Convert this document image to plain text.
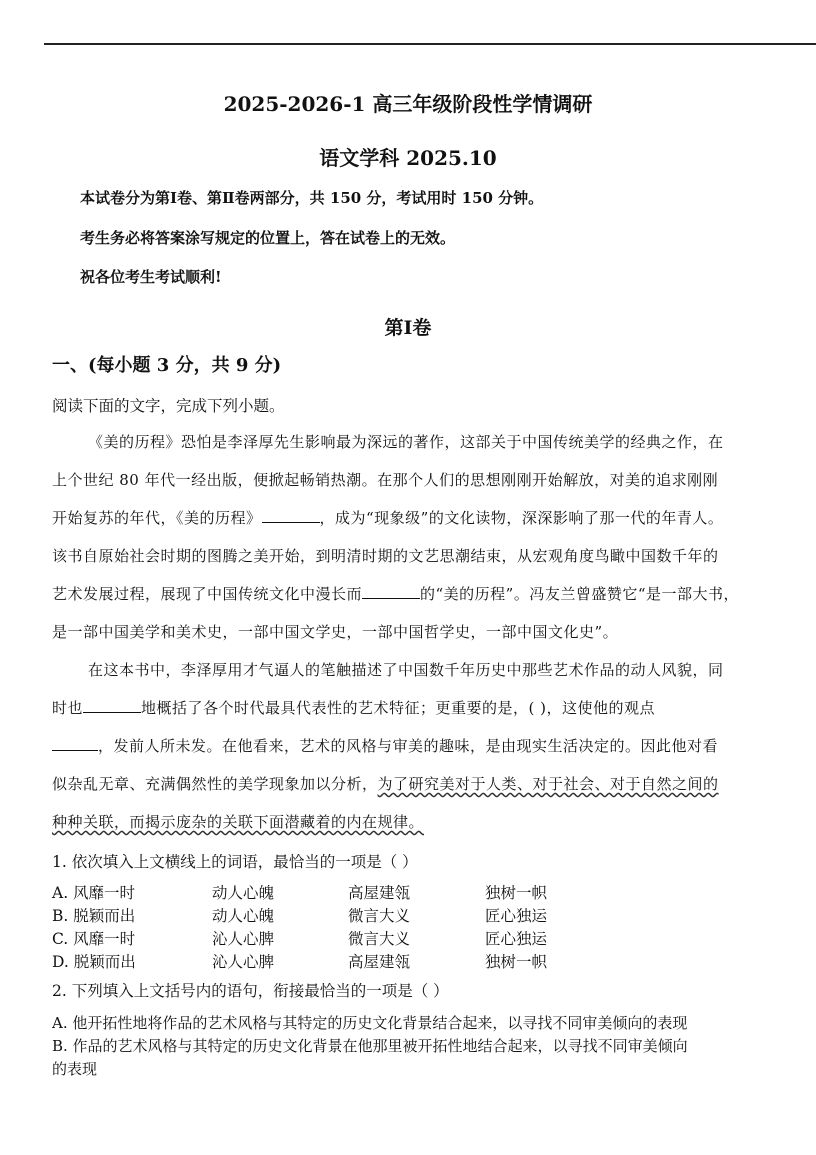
2025-2026-1 高三年级阶段性学情调研
语文学科 2025.10
本试卷分为第Ⅰ卷、第Ⅱ卷两部分，共 150 分，考试用时 150 分钟。
考生务必将答案涂写规定的位置上，答在试卷上的无效。
祝各位考生考试顺利!
第Ⅰ卷
一、(每小题 3 分，共 9 分)
阅读下面的文字，完成下列小题。
《美的历程》恐怕是李泽厚先生影响最为深远的著作，这部关于中国传统美学的经典之作，在
上个世纪 80 年代一经出版，便掀起畅销热潮。在那个人们的思想刚刚开始解放，对美的追求刚刚
开始复苏的年代，《美的历程》	，成为“现象级”的文化读物，深深影响了那一代的年青人。
该书自原始社会时期的图腾之美开始，到明清时期的文艺思潮结束，从宏观角度鸟瞰中国数千年的
艺术发展过程，展现了中国传统文化中漫长而	的“美的历程”。冯友兰曾盛赞它“是一部大书，
是一部中国美学和美术史，一部中国文学史，一部中国哲学史，一部中国文化史”。
在这本书中，李泽厚用才气逼人的笔触描述了中国数千年历史中那些艺术作品的动人风貌，同
时也	地概括了各个时代最具代表性的艺术特征；更重要的是，( )，这使他的观点
，发前人所未发。在他看来，艺术的风格与审美的趣味，是由现实生活决定的。因此他对看
似杂乱无章、充满偶然性的美学现象加以分析，为了研究美对于人类、对于社会、对于自然之间的
种种关联，而揭示庞杂的关联下面潜藏着的内在规律。
1. 依次填入上文横线上的词语，最恰当的一项是（ ）
A. 风靡一时	动人心魄	高屋建瓴	独树一帜
B. 脱颖而出	动人心魄	微言大义	匠心独运
C. 风靡一时	沁人心脾	微言大义	匠心独运
D. 脱颖而出	沁人心脾	高屋建瓴	独树一帜
2. 下列填入上文括号内的语句，衔接最恰当的一项是（ ）
A. 他开拓性地将作品的艺术风格与其特定的历史文化背景结合起来，以寻找不同审美倾向的表现
B. 作品的艺术风格与其特定的历史文化背景在他那里被开拓性地结合起来，以寻找不同审美倾向
的表现
